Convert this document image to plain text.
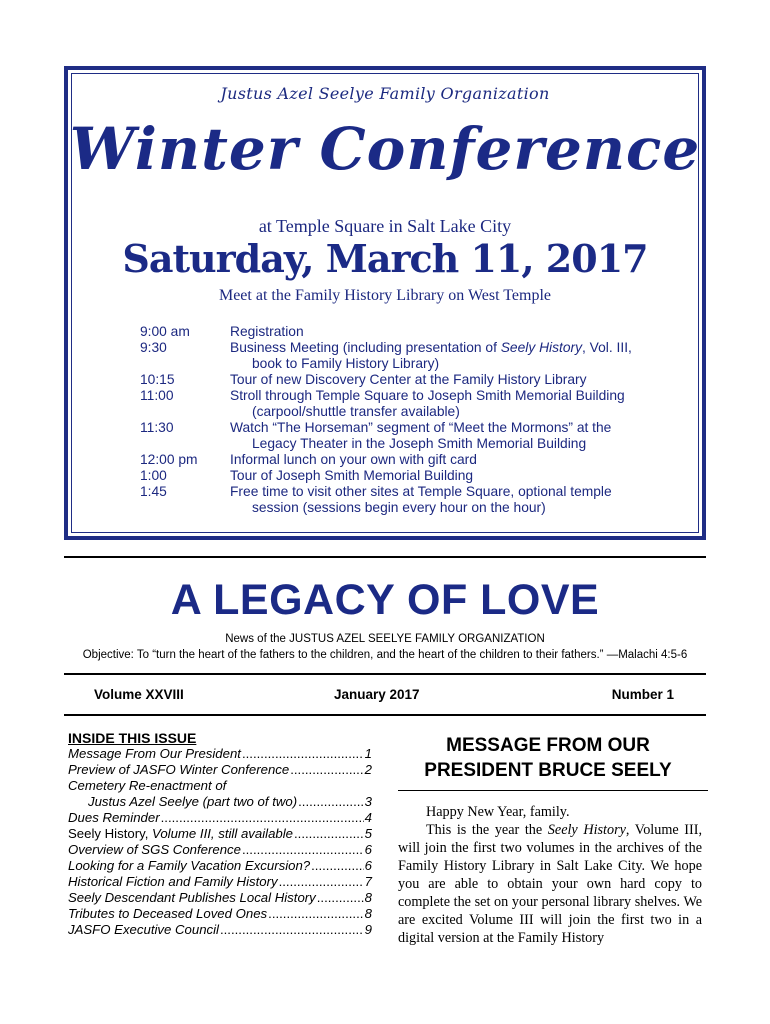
Justus Azel Seelye Family Organization
Winter Conference
at Temple Square in Salt Lake City
Saturday, March 11, 2017
Meet at the Family History Library on West Temple
9:00 am	Registration
9:30	Business Meeting (including presentation of Seely History, Vol. III,
book to Family History Library)
10:15	Tour of new Discovery Center at the Family History Library
11:00	Stroll through Temple Square to Joseph Smith Memorial Building
(carpool/shuttle transfer available)
11:30	Watch “The Horseman” segment of “Meet the Mormons” at the
Legacy Theater in the Joseph Smith Memorial Building
12:00 pm	Informal lunch on your own with gift card
1:00	Tour of Joseph Smith Memorial Building
1:45	Free time to visit other sites at Temple Square, optional temple
session (sessions begin every hour on the hour)
A LEGACY OF LOVE
News of the JUSTUS AZEL SEELYE FAMILY ORGANIZATION
Objective: To “turn the heart of the fathers to the children, and the heart of the children to their fathers.” —Malachi 4:5-6
Volume XXVIII	January 2017	Number 1
INSIDE THIS ISSUE
Message From Our President .....	1
Preview of JASFO Winter Conference .....	2
Cemetery Re-enactment of
Justus Azel Seelye (part two of two) .....	3
Dues Reminder .....	4
Seely History, Volume III, still available .....	5
Overview of SGS Conference .....	6
Looking for a Family Vacation Excursion? .....	6
Historical Fiction and Family History .....	7
Seely Descendant Publishes Local History .....	8
Tributes to Deceased Loved Ones .....	8
JASFO Executive Council .....	9
MESSAGE FROM OUR
PRESIDENT BRUCE SEELY

Happy New Year, family.

This is the year the Seely History, Volume III, will join the first two volumes in the archives of the Family History Library in Salt Lake City. We hope you are able to obtain your own hard copy to complete the set on your personal library shelves. We are excited Volume III will join the first two in a digital version at the Family History
